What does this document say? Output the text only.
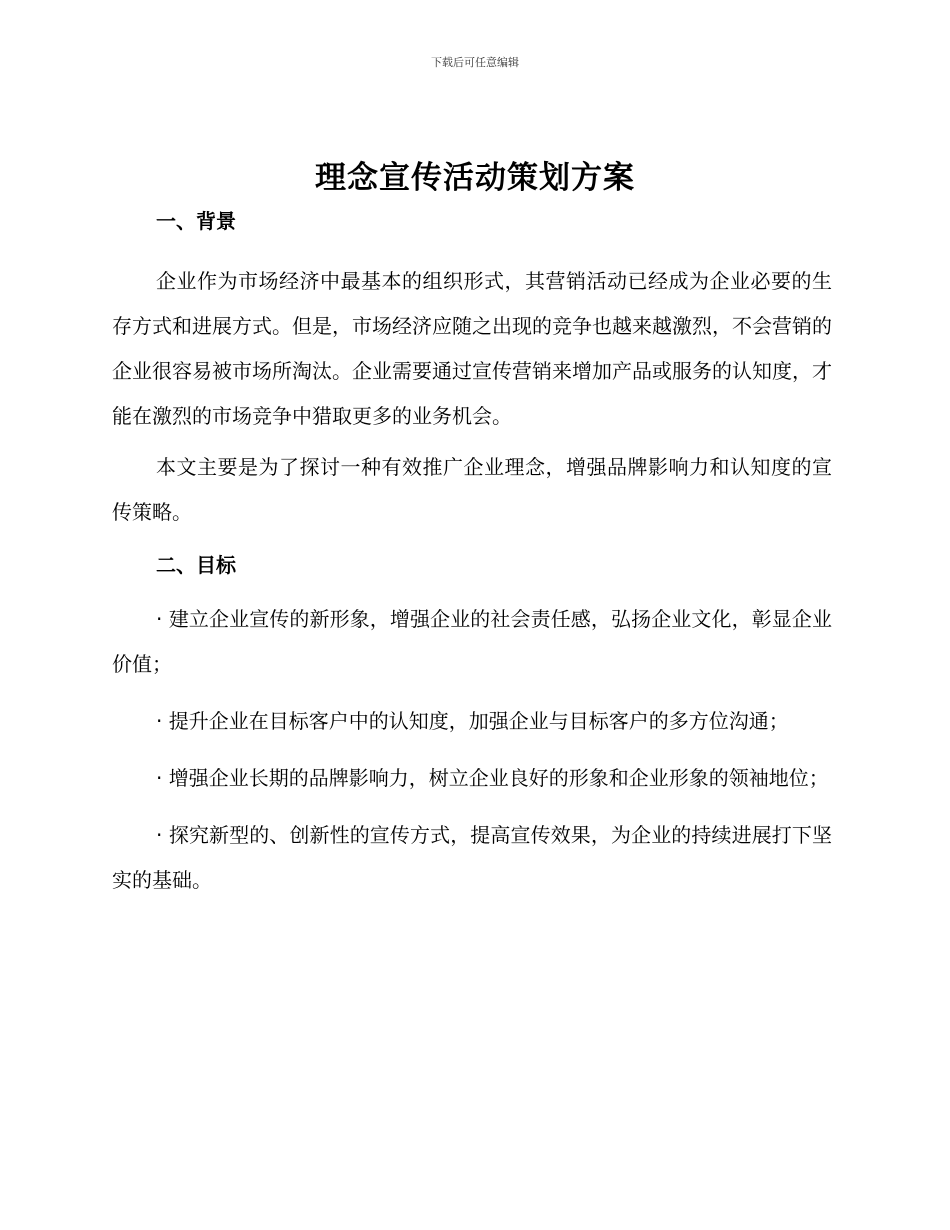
下载后可任意编辑
理念宣传活动策划方案
一、背景

企业作为市场经济中最基本的组织形式，其营销活动已经成为企业必要的生存方式和进展方式。但是，市场经济应随之出现的竞争也越来越激烈，不会营销的企业很容易被市场所淘汰。企业需要通过宣传营销来增加产品或服务的认知度，才能在激烈的市场竞争中猎取更多的业务机会。

本文主要是为了探讨一种有效推广企业理念，增强品牌影响力和认知度的宣传策略。

二、目标

· 建立企业宣传的新形象，增强企业的社会责任感，弘扬企业文化，彰显企业价值；

· 提升企业在目标客户中的认知度，加强企业与目标客户的多方位沟通；

· 增强企业长期的品牌影响力，树立企业良好的形象和企业形象的领袖地位；

· 探究新型的、创新性的宣传方式，提高宣传效果，为企业的持续进展打下坚实的基础。
